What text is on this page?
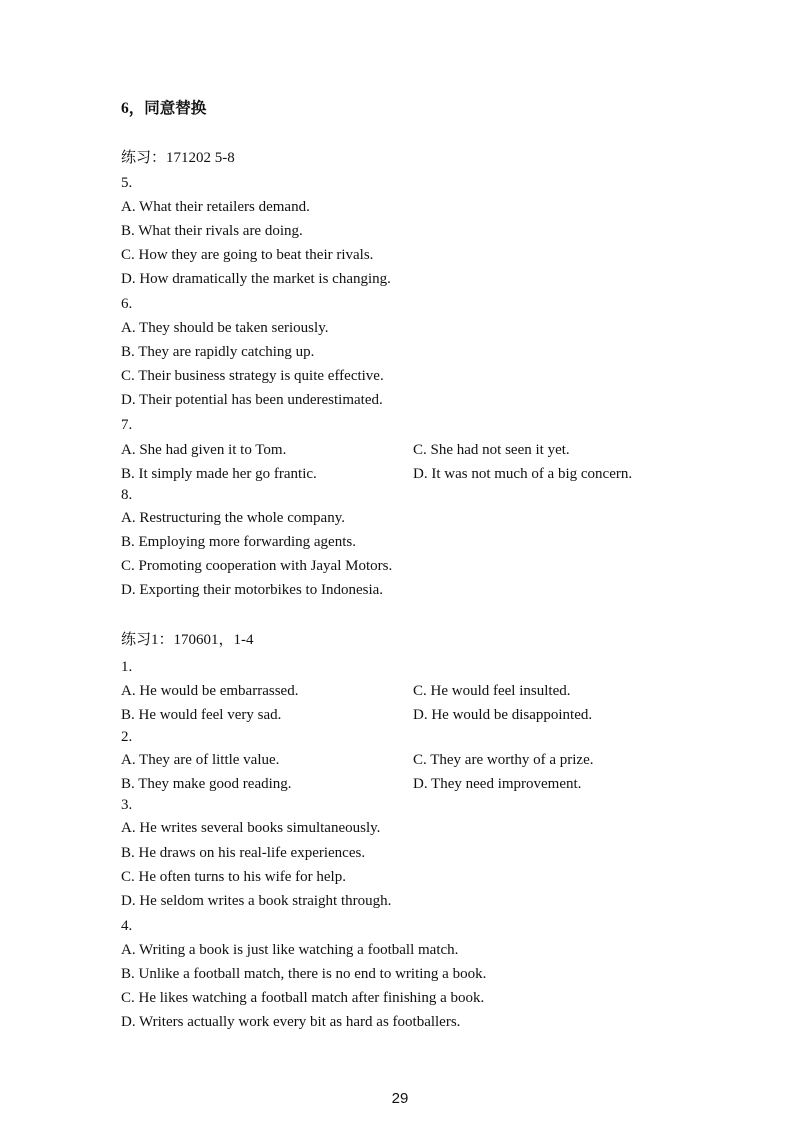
6，同意替换
练习：171202 5-8
5.
A. What their retailers demand.
B. What their rivals are doing.
C. How they are going to beat their rivals.
D. How dramatically the market is changing.
6.
A. They should be taken seriously.
B. They are rapidly catching up.
C. Their business strategy is quite effective.
D. Their potential has been underestimated.
7.
A. She had given it to Tom.	C. She had not seen it yet.
B. It simply made her go frantic.	D. It was not much of a big concern.
8.
A. Restructuring the whole company.
B. Employing more forwarding agents.
C. Promoting cooperation with Jayal Motors.
D. Exporting their motorbikes to Indonesia.
练习1：170601，1-4
1.
A. He would be embarrassed.	C. He would feel insulted.
B. He would feel very sad.	D. He would be disappointed.
2.
A. They are of little value.	C. They are worthy of a prize.
B. They make good reading.	D. They need improvement.
3.
A. He writes several books simultaneously.
B. He draws on his real-life experiences.
C. He often turns to his wife for help.
D. He seldom writes a book straight through.
4.
A. Writing a book is just like watching a football match.
B. Unlike a football match, there is no end to writing a book.
C. He likes watching a football match after finishing a book.
D. Writers actually work every bit as hard as footballers.
29
